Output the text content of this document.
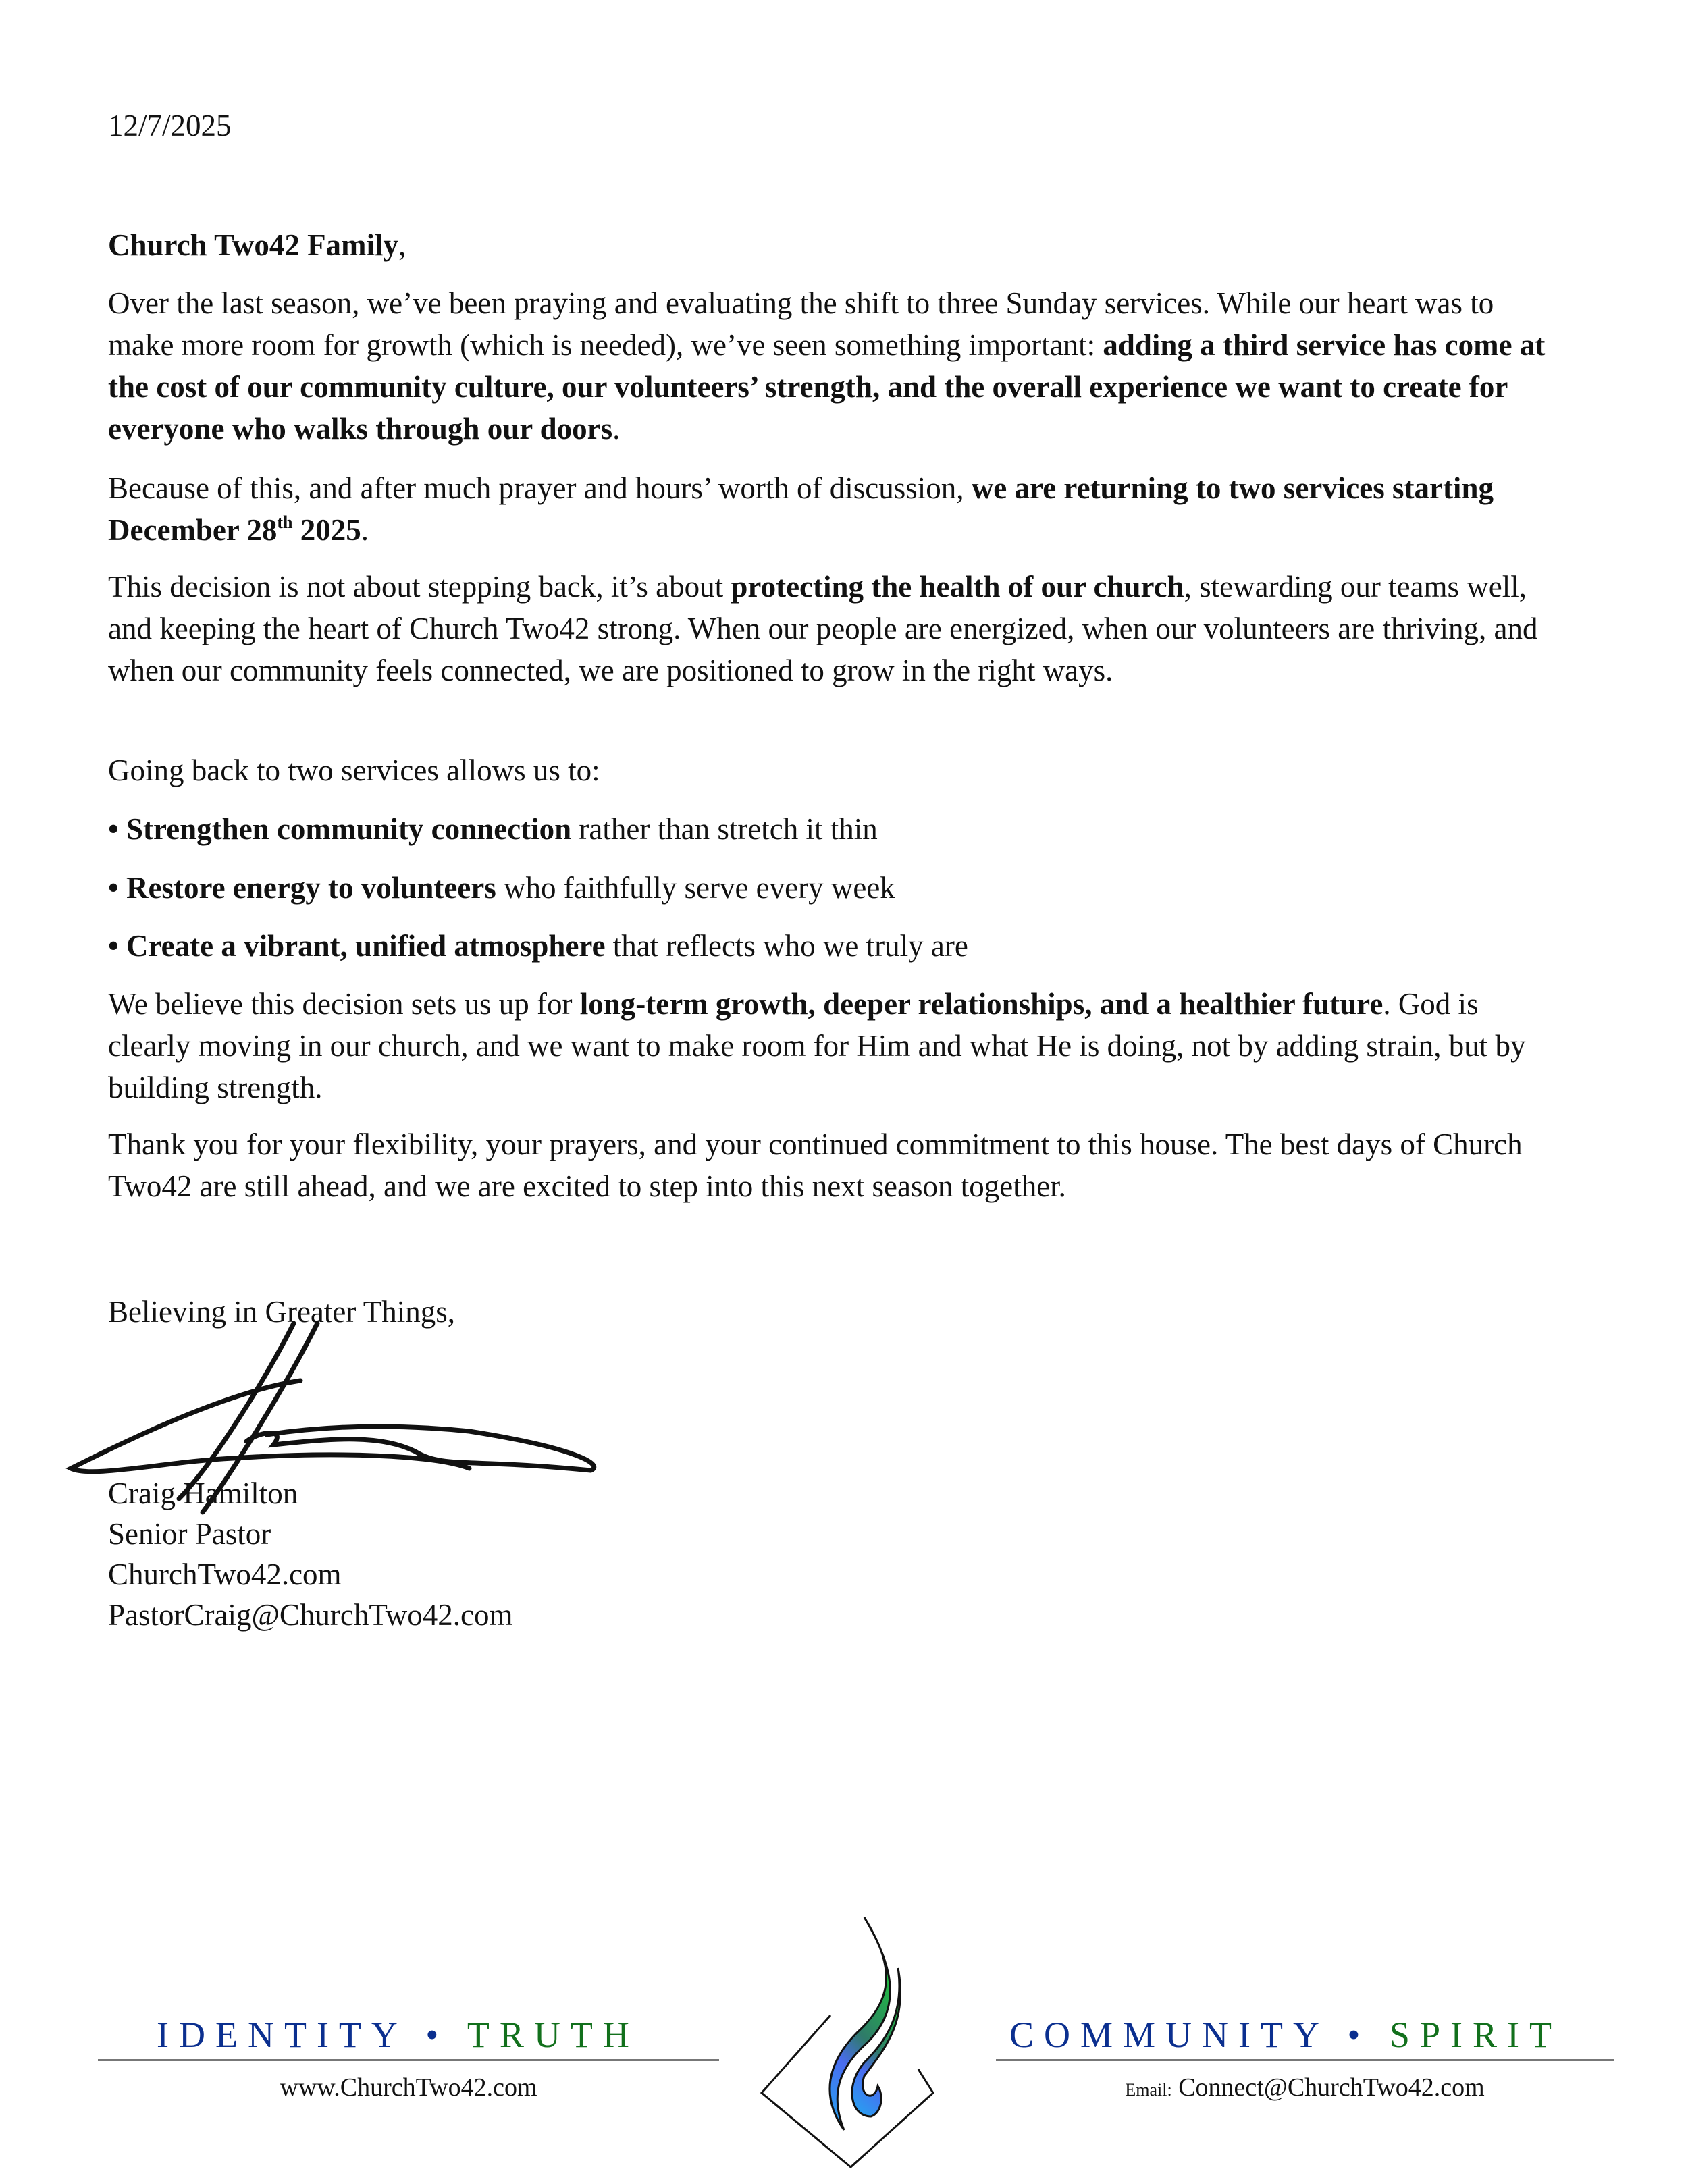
12/7/2025
Church Two42 Family,
Over the last season, we’ve been praying and evaluating the shift to three Sunday services. While our heart was to make more room for growth (which is needed), we’ve seen something important: adding a third service has come at the cost of our community culture, our volunteers’ strength, and the overall experience we want to create for everyone who walks through our doors.
Because of this, and after much prayer and hours’ worth of discussion, we are returning to two services starting December 28th 2025.
This decision is not about stepping back, it’s about protecting the health of our church, stewarding our teams well, and keeping the heart of Church Two42 strong. When our people are energized, when our volunteers are thriving, and when our community feels connected, we are positioned to grow in the right ways.
Going back to two services allows us to:
• Strengthen community connection rather than stretch it thin
• Restore energy to volunteers who faithfully serve every week
• Create a vibrant, unified atmosphere that reflects who we truly are
We believe this decision sets us up for long-term growth, deeper relationships, and a healthier future. God is clearly moving in our church, and we want to make room for Him and what He is doing, not by adding strain, but by building strength.
Thank you for your flexibility, your prayers, and your continued commitment to this house. The best days of Church Two42 are still ahead, and we are excited to step into this next season together.
Believing in Greater Things,
Craig Hamilton
Senior Pastor
ChurchTwo42.com
PastorCraig@ChurchTwo42.com
IDENTITY • TRUTH
www.ChurchTwo42.com
COMMUNITY • SPIRIT
Email: Connect@ChurchTwo42.com
